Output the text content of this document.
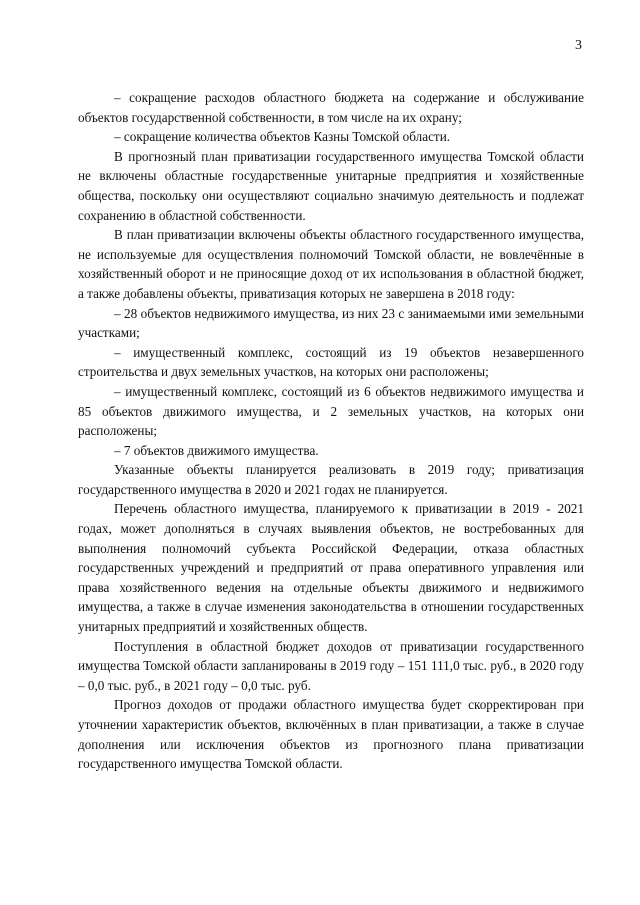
3

– сокращение расходов областного бюджета на содержание и обслуживание объектов государственной собственности, в том числе на их охрану;

– сокращение количества объектов Казны Томской области.

В прогнозный план приватизации государственного имущества Томской области не включены областные государственные унитарные предприятия и хозяйственные общества, поскольку они осуществляют социально значимую деятельность и подлежат сохранению в областной собственности.

В план приватизации включены объекты областного государственного имущества, не используемые для осуществления полномочий Томской области, не вовлечённые в хозяйственный оборот и не приносящие доход от их использования в областной бюджет, а также добавлены объекты, приватизация которых не завершена в 2018 году:

– 28 объектов недвижимого имущества, из них 23 с занимаемыми ими земельными участками;

– имущественный комплекс, состоящий из 19 объектов незавершенного строительства и двух земельных участков, на которых они расположены;

– имущественный комплекс, состоящий из 6 объектов недвижимого имущества и 85 объектов движимого имущества, и 2 земельных участков, на которых они расположены;

– 7 объектов движимого имущества.

Указанные объекты планируется реализовать в 2019 году; приватизация государственного имущества в 2020 и 2021 годах не планируется.

Перечень областного имущества, планируемого к приватизации в 2019 - 2021 годах, может дополняться в случаях выявления объектов, не востребованных для выполнения полномочий субъекта Российской Федерации, отказа областных государственных учреждений и предприятий от права оперативного управления или права хозяйственного ведения на отдельные объекты движимого и недвижимого имущества, а также в случае изменения законодательства в отношении государственных унитарных предприятий и хозяйственных обществ.

Поступления в областной бюджет доходов от приватизации государственного имущества Томской области запланированы в 2019 году – 151 111,0 тыс. руб., в 2020 году – 0,0 тыс. руб., в 2021 году – 0,0 тыс. руб.

Прогноз доходов от продажи областного имущества будет скорректирован при уточнении характеристик объектов, включённых в план приватизации, а также в случае дополнения или исключения объектов из прогнозного плана приватизации государственного имущества Томской области.
